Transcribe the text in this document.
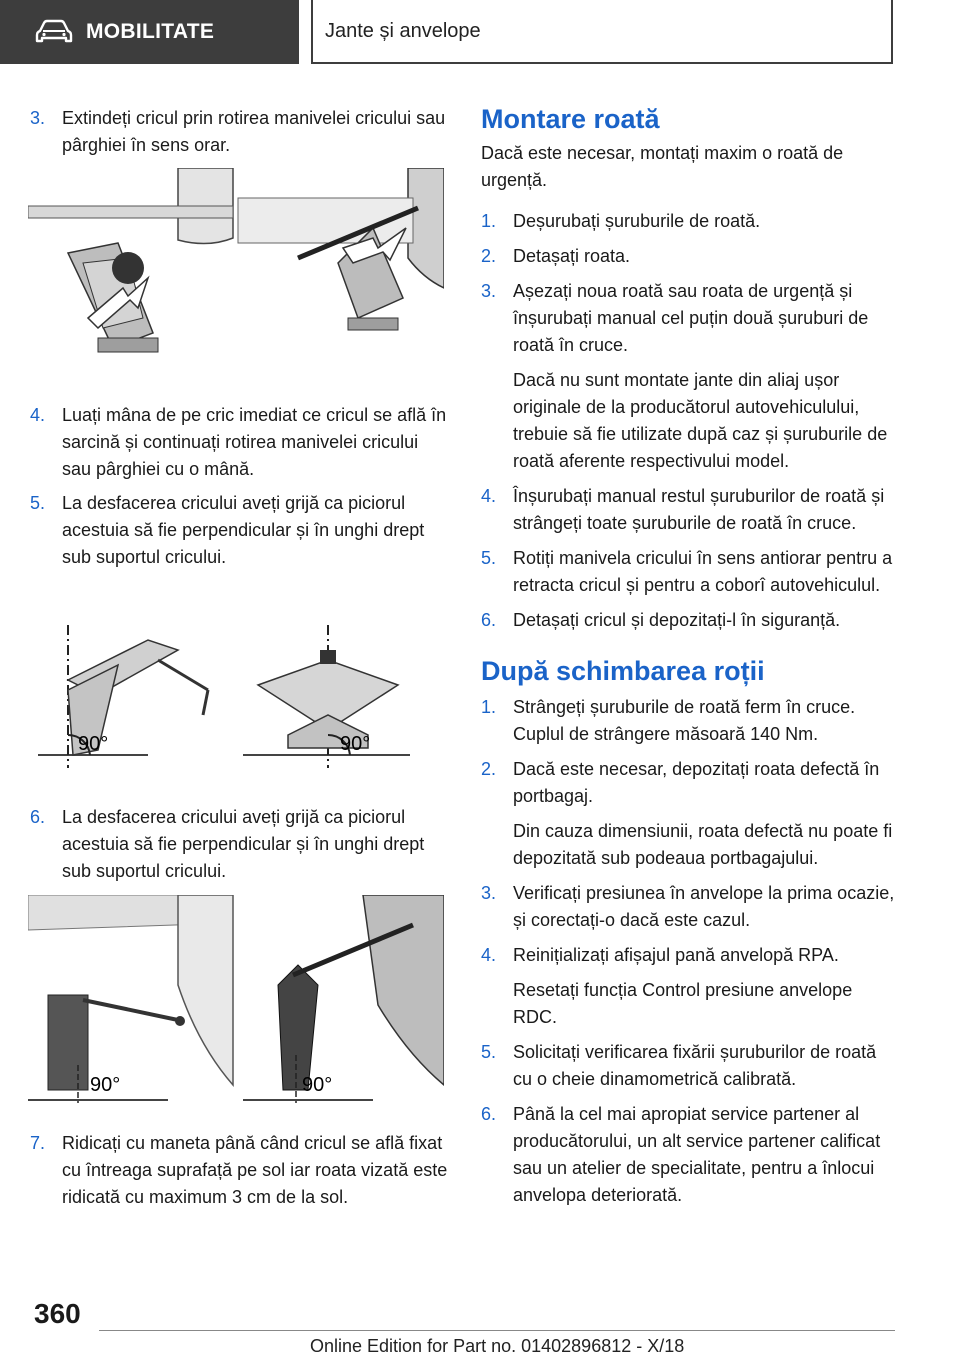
MOBILITATE	Jante și anvelope
3. Extindeți cricul prin rotirea manivelei cricului sau pârghiei în sens orar.
4. Luați mâna de pe cric imediat ce cricul se află în sarcină și continuați rotirea manivelei cricului sau pârghiei cu o mână.
5. La desfacerea cricului aveți grijă ca piciorul acestuia să fie perpendicular și în unghi drept sub suportul cricului.
90°	90°
6. La desfacerea cricului aveți grijă ca piciorul acestuia să fie perpendicular și în unghi drept sub suportul cricului.
90°	90°
7. Ridicați cu maneta până când cricul se află fixat cu întreaga suprafață pe sol iar roata vizată este ridicată cu maximum 3 cm de la sol.
Montare roată
Dacă este necesar, montați maxim o roată de urgență.
1. Deșurubați șuruburile de roată.
2. Detașați roata.
3. Așezați noua roată sau roata de urgență și înșurubați manual cel puțin două șuruburi de roată în cruce.
Dacă nu sunt montate jante din aliaj ușor originale de la producătorul autovehiculului, trebuie să fie utilizate după caz și șuruburile de roată aferente respectivului model.
4. Înșurubați manual restul șuruburilor de roată și strângeți toate șuruburile de roată în cruce.
5. Rotiți manivela cricului în sens antiorar pentru a retracta cricul și pentru a coborî autovehiculul.
6. Detașați cricul și depozitați-l în siguranță.
După schimbarea roții
1. Strângeți șuruburile de roată ferm în cruce. Cuplul de strângere măsoară 140 Nm.
2. Dacă este necesar, depozitați roata defectă în portbagaj.
Din cauza dimensiunii, roata defectă nu poate fi depozitată sub podeaua portbagajului.
3. Verificați presiunea în anvelope la prima ocazie, și corectați-o dacă este cazul.
4. Reinițializați afișajul pană anvelopă RPA.
Resetați funcția Control presiune anvelope RDC.
5. Solicitați verificarea fixării șuruburilor de roată cu o cheie dinamometrică calibrată.
6. Până la cel mai apropiat service partener al producătorului, un alt service partener calificat sau un atelier de specialitate, pentru a înlocui anvelopa deteriorată.
360
Online Edition for Part no. 01402896812 - X/18
